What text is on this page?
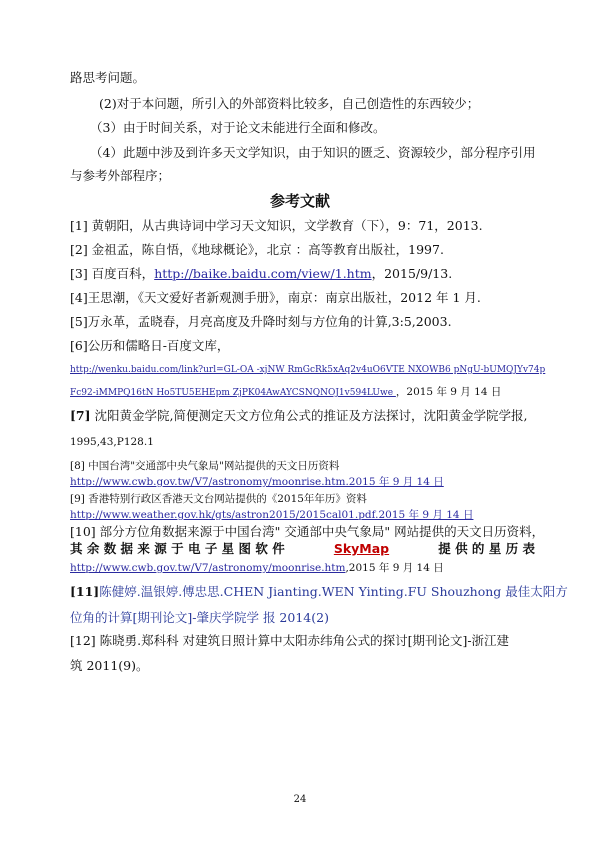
路思考问题。
(2)对于本问题，所引入的外部资料比较多，自己创造性的东西较少；
（3）由于时间关系，对于论文未能进行全面和修改。
（4）此题中涉及到许多天文学知识，由于知识的匮乏、资源较少，部分程序引用
与参考外部程序；
参考文献
[1] 黄朝阳，从古典诗词中学习天文知识，文学教育（下），9：71，2013.
[2] 金祖孟，陈自悟，《地球概论》，北京 ：高等教育出版社，1997.
[3] 百度百科，http://baike.baidu.com/view/1.htm，2015/9/13.
[4]王思潮，《天文爱好者新观测手册》，南京：南京出版社，2012 年 1 月.
[5]万永革，孟晓春，月亮高度及升降时刻与方位角的计算,3:5,2003.
[6]公历和儒略日-百度文库，
http://wenku.baidu.com/link?url=GL-OA -xjNW RmGcRk5xAq2v4uO6VTE NXOWB6 pNgU-bUMQJYv74p
Fc92-iMMPQ16tN Ho5TU5EHEpm ZjPK04AwAYCSNQNOJ1v594LUwe ，2015 年 9 月 14 日
[7] 沈阳黄金学院,简便测定天文方位角公式的推证及方法探讨，沈阳黄金学院学报,
1995,43,P128.1
[8] 中国台湾"交通部中央气象局"网站提供的天文日历资料
http://www.cwb.gov.tw/V7/astronomy/moonrise.htm.2015 年 9 月 14 日
[9] 香港特别行政区香港天文台网站提供的《2015年年历》资料
http://www.weather.gov.hk/gts/astron2015/2015cal01.pdf.2015 年 9 月 14 日
[10] 部分方位角数据来源于中国台湾" 交通部中央气象局" 网站提供的天文日历资料，
其 余 数 据 来 源 于 电 子 星 图 软 件	SkyMap	提 供 的 星 历 表
http://www.cwb.gov.tw/V7/astronomy/moonrise.htm,2015 年 9 月 14 日
[11]陈健婷.温银婷.傅忠思.CHEN Jianting.WEN Yinting.FU Shouzhong 最佳太阳方
位角的计算[期刊论文]-肇庆学院学 报 2014(2)
[12] 陈晓勇.郑科科 对建筑日照计算中太阳赤纬角公式的探讨[期刊论文]-浙江建
筑 2011(9)。
24
